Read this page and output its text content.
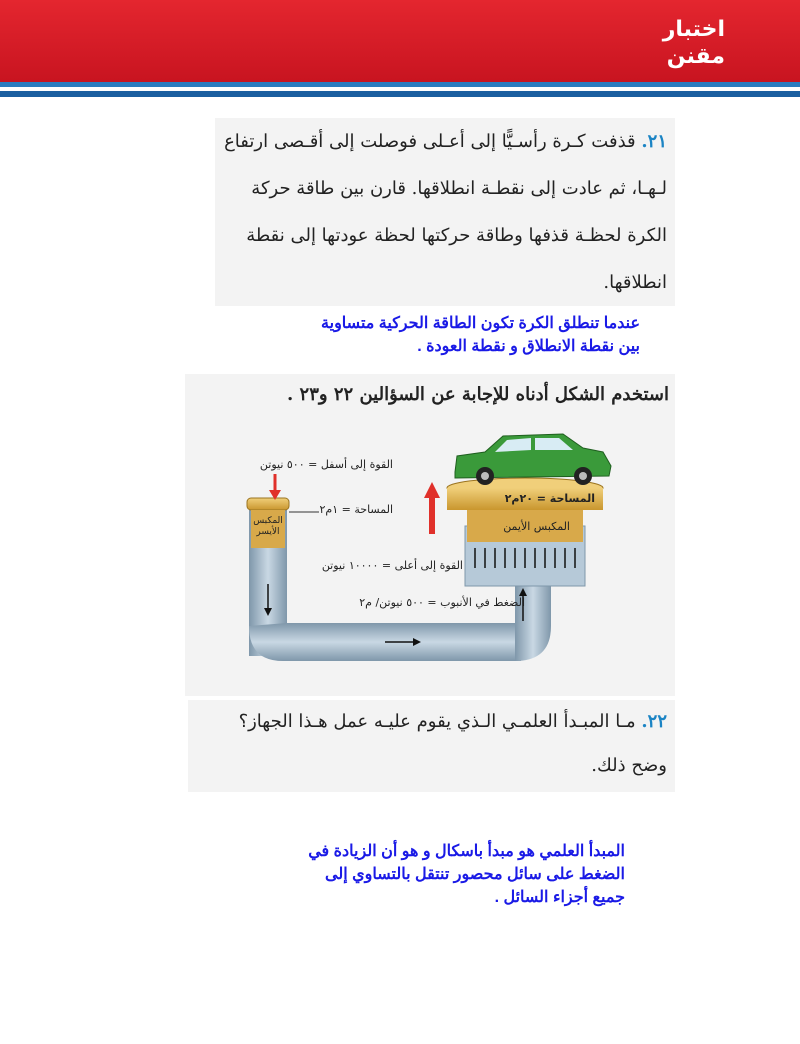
اختبار
مقنن
٢١. قذفت كـرة رأسـيًّا إلى أعـلى فوصلت إلى أقـصى ارتفاع
لـهـا، ثم عادت إلى نقطـة انطلاقها. قارن بين طاقة حركة
الكرة لحظـة قذفها وطاقة حركتها لحظة عودتها إلى نقطة
انطلاقها.
عندما تنطلق الكرة تكون الطاقة الحركية متساوية
بين نقطة الانطلاق و نقطة العودة .
استخدم الشكل أدناه للإجابة عن السؤالين ٢٢ و٢٣ .
القوة إلى أسفل = ٥٠٠ نيوتن
المساحة = ١م٢
المكبس الأيسر
المساحة = ٢٠م٢
المكبس الأيمن
القوة إلى أعلى = ١٠٠٠٠ نيوتن
الضغط في الأنبوب = ٥٠٠ نيوتن/ م٢
٢٢. مـا المبـدأ العلمـي الـذي يقوم عليـه عمل هـذا الجهاز؟
وضح ذلك.
المبدأ العلمي هو مبدأ باسكال و هو أن الزيادة في
الضغط على سائل محصور تنتقل بالتساوي إلى
جميع أجزاء السائل .
